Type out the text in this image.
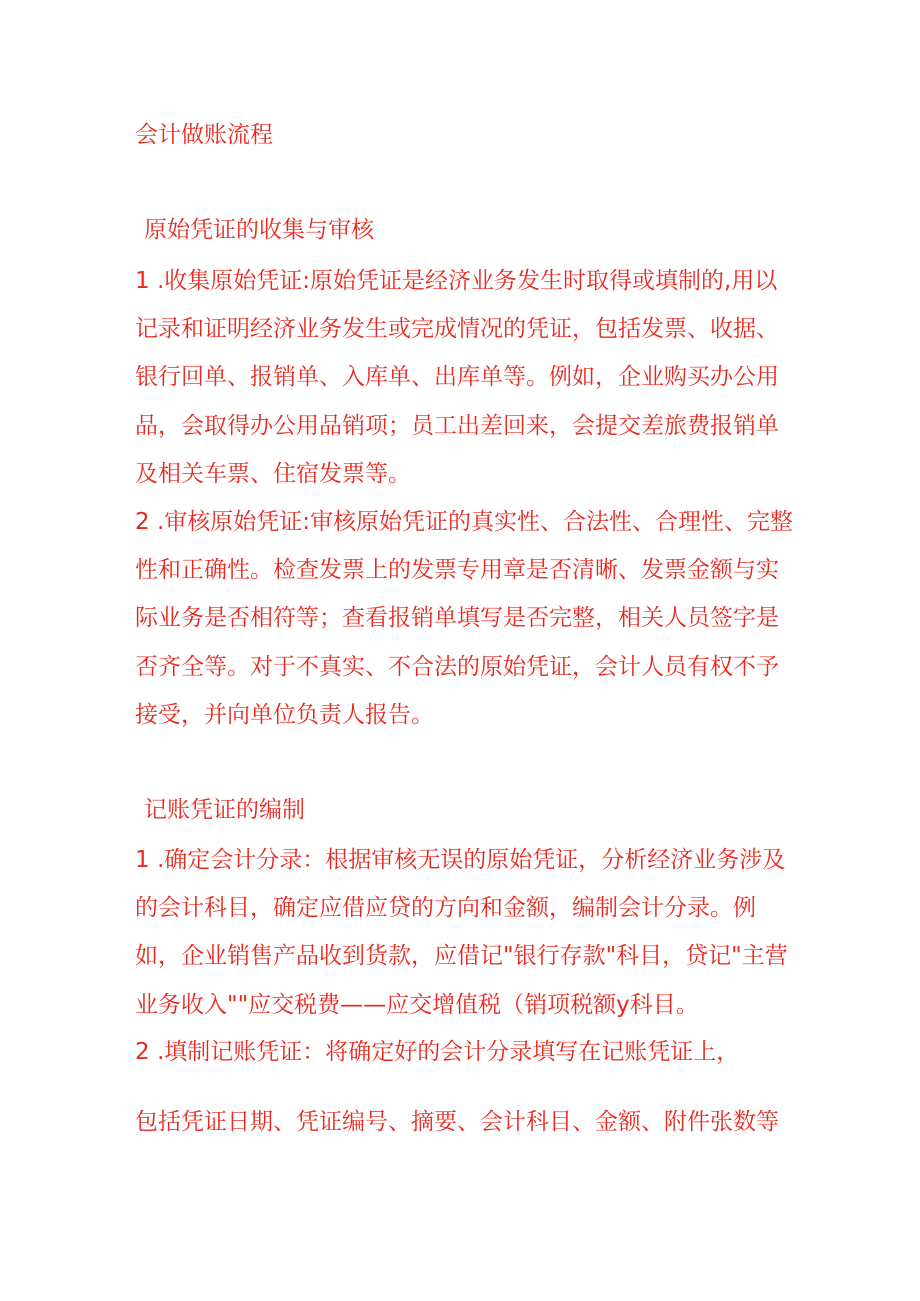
会计做账流程
原始凭证的收集与审核
1 .收集原始凭证:原始凭证是经济业务发生时取得或填制的,用以记录和证明经济业务发生或完成情况的凭证，包括发票、收据、银行回单、报销单、入库单、出库单等。例如，企业购买办公用品，会取得办公用品销项；员工出差回来，会提交差旅费报销单及相关车票、住宿发票等。
2 .审核原始凭证:审核原始凭证的真实性、合法性、合理性、完整性和正确性。检查发票上的发票专用章是否清晰、发票金额与实际业务是否相符等；查看报销单填写是否完整，相关人员签字是否齐全等。对于不真实、不合法的原始凭证，会计人员有权不予接受，并向单位负责人报告。
记账凭证的编制
1 .确定会计分录：根据审核无误的原始凭证，分析经济业务涉及的会计科目，确定应借应贷的方向和金额，编制会计分录。例如，企业销售产品收到货款，应借记"银行存款"科目，贷记"主营业务收入""应交税费——应交增值税（销项税额y科目。
2 .填制记账凭证：将确定好的会计分录填写在记账凭证上，
包括凭证日期、凭证编号、摘要、会计科目、金额、附件张数等
